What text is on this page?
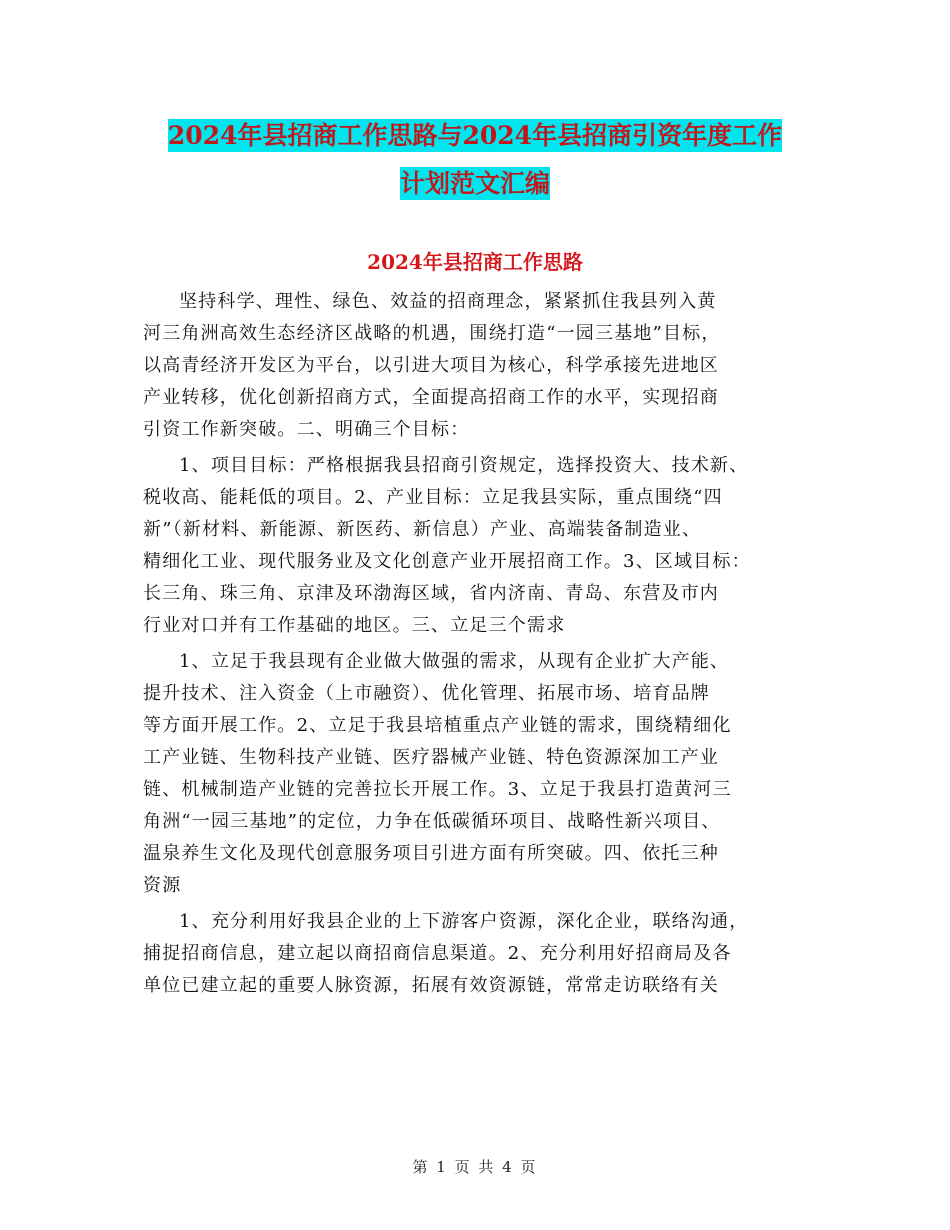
2024年县招商工作思路与2024年县招商引资年度工作
计划范文汇编
2024年县招商工作思路
坚持科学、理性、绿色、效益的招商理念，紧紧抓住我县列入黄
河三角洲高效生态经济区战略的机遇，围绕打造“一园三基地”目标，
以高青经济开发区为平台，以引进大项目为核心，科学承接先进地区
产业转移，优化创新招商方式，全面提高招商工作的水平，实现招商
引资工作新突破。二、明确三个目标：
1、项目目标：严格根据我县招商引资规定，选择投资大、技术新、
税收高、能耗低的项目。2、产业目标：立足我县实际，重点围绕“四
新”（新材料、新能源、新医药、新信息）产业、高端装备制造业、
精细化工业、现代服务业及文化创意产业开展招商工作。3、区域目标：
长三角、珠三角、京津及环渤海区域，省内济南、青岛、东营及市内
行业对口并有工作基础的地区。三、立足三个需求
1、立足于我县现有企业做大做强的需求，从现有企业扩大产能、
提升技术、注入资金（上市融资）、优化管理、拓展市场、培育品牌
等方面开展工作。2、立足于我县培植重点产业链的需求，围绕精细化
工产业链、生物科技产业链、医疗器械产业链、特色资源深加工产业
链、机械制造产业链的完善拉长开展工作。3、立足于我县打造黄河三
角洲“一园三基地”的定位，力争在低碳循环项目、战略性新兴项目、
温泉养生文化及现代创意服务项目引进方面有所突破。四、依托三种
资源
1、充分利用好我县企业的上下游客户资源，深化企业，联络沟通，
捕捉招商信息，建立起以商招商信息渠道。2、充分利用好招商局及各
单位已建立起的重要人脉资源，拓展有效资源链，常常走访联络有关
第 1 页 共 4 页
